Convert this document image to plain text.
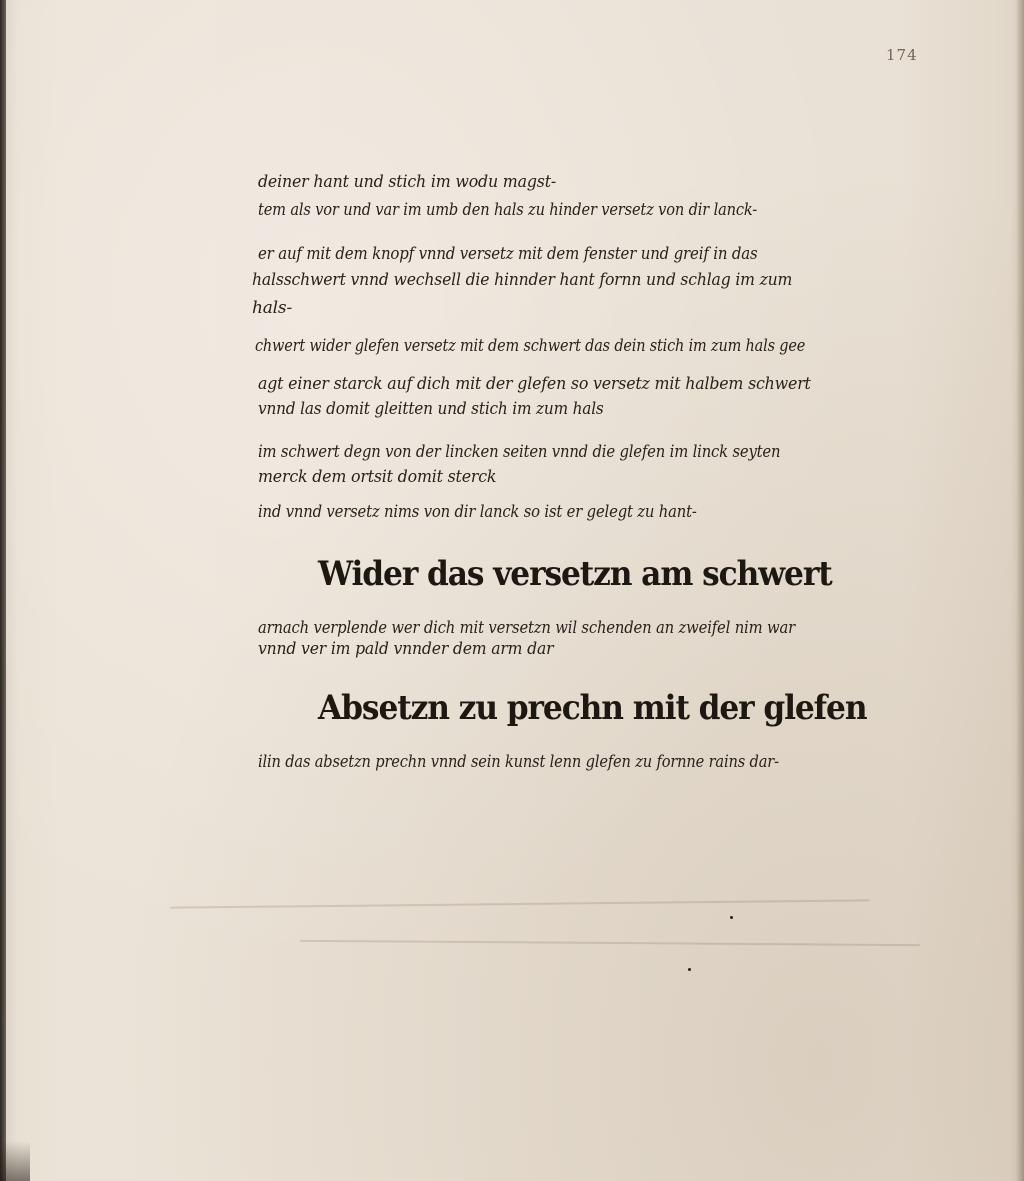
174
deiner hant und stich im wodu magst-
tem als vor und var im umb den hals zu hinder versetz von dir lanck-
er auf mit dem knopf vnnd versetz mit dem fenster und greif in das
halsschwert vnnd wechsell die hinnder hant fornn und schlag im zum
hals-
chwert wider glefen versetz mit dem schwert das dein stich im zum hals gee
agt einer starck auf dich mit der glefen so versetz mit halbem schwert
vnnd las domit gleitten und stich im zum hals
im schwert degn von der lincken seiten vnnd die glefen im linck seyten
merck dem ortsit domit sterck
ind vnnd versetz nims von dir lanck so ist er gelegt zu hant-
Wider das versetzn am schwert
arnach verplende wer dich mit versetzn wil schenden an zweifel nim war
vnnd ver im pald vnnder dem arm dar
Absetzn zu prechn mit der glefen
ilin das absetzn prechn vnnd sein kunst lenn glefen zu fornne rains dar-
